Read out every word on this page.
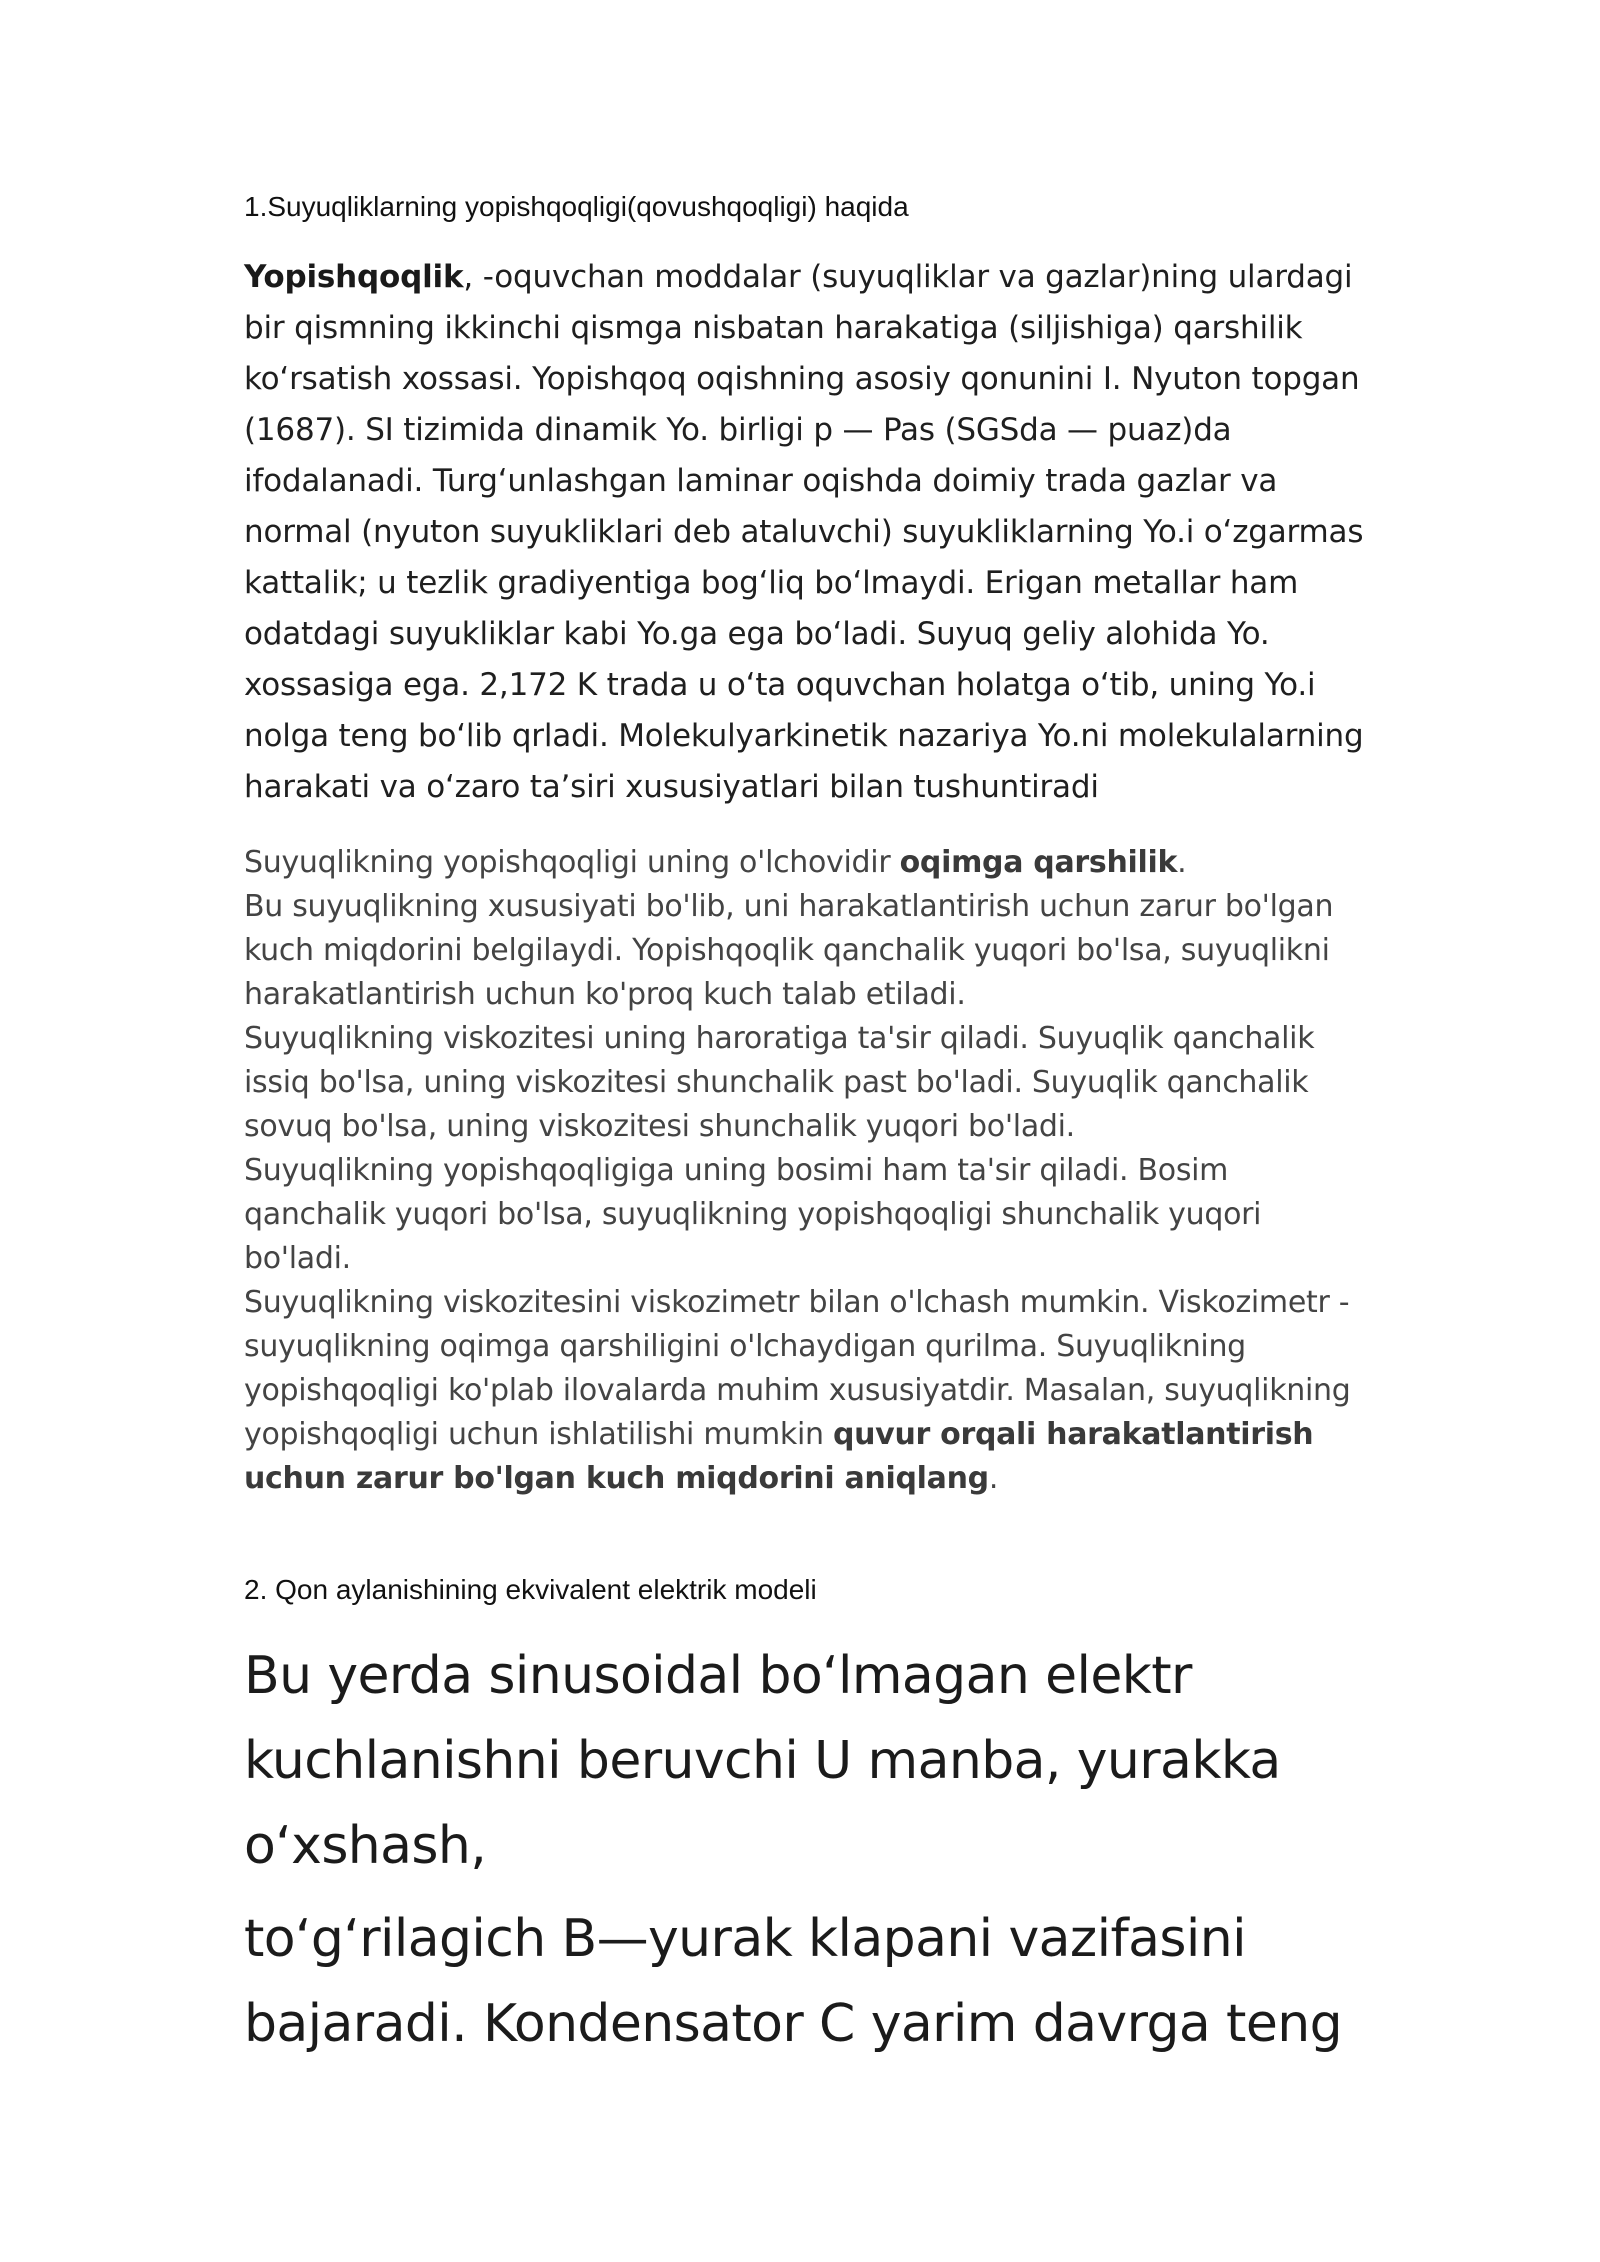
1.Suyuqliklarning yopishqoqligi(qovushqoqligi) haqida

Yopishqoqlik, -oquvchan moddalar (suyuqliklar va gazlar)ning ulardagi bir qismning ikkinchi qismga nisbatan harakatiga (siljishiga) qarshilik koʻrsatish xossasi. Yopishqoq oqishning asosiy qonunini I. Nyuton topgan (1687). SI tizimida dinamik Yo. birligi p — Pas (SGSda — puaz)da ifodalanadi. Turgʻunlashgan laminar oqishda doimiy trada gazlar va normal (nyuton suyukliklari deb ataluvchi) suyukliklarning Yo.i oʻzgarmas kattalik; u tezlik gradiyentiga bogʻliq boʻlmaydi. Erigan metallar ham odatdagi suyukliklar kabi Yo.ga ega boʻladi. Suyuq geliy alohida Yo. xossasiga ega. 2,172 K trada u oʻta oquvchan holatga oʻtib, uning Yo.i nolga teng boʻlib qrladi. Molekulyarkinetik nazariya Yo.ni molekulalarning harakati va oʻzaro taʼsiri xususiyatlari bilan tushuntiradi

Suyuqlikning yopishqoqligi uning o'lchovidir oqimga qarshilik.
Bu suyuqlikning xususiyati bo'lib, uni harakatlantirish uchun zarur bo'lgan kuch miqdorini belgilaydi. Yopishqoqlik qanchalik yuqori bo'lsa, suyuqlikni harakatlantirish uchun ko'proq kuch talab etiladi.
Suyuqlikning viskozitesi uning haroratiga ta'sir qiladi. Suyuqlik qanchalik issiq bo'lsa, uning viskozitesi shunchalik past bo'ladi. Suyuqlik qanchalik sovuq bo'lsa, uning viskozitesi shunchalik yuqori bo'ladi.
Suyuqlikning yopishqoqligiga uning bosimi ham ta'sir qiladi. Bosim qanchalik yuqori bo'lsa, suyuqlikning yopishqoqligi shunchalik yuqori bo'ladi.
Suyuqlikning viskozitesini viskozimetr bilan o'lchash mumkin. Viskozimetr - suyuqlikning oqimga qarshiligini o'lchaydigan qurilma. Suyuqlikning yopishqoqligi ko'plab ilovalarda muhim xususiyatdir. Masalan, suyuqlikning yopishqoqligi uchun ishlatilishi mumkin quvur orqali harakatlantirish uchun zarur bo'lgan kuch miqdorini aniqlang.
2. Qon aylanishining ekvivalent elektrik modeli

Bu yerda sinusoidal boʻlmagan elektr kuchlanishni beruvchi U manba, yurakka oʻxshash,

toʻgʻrilagich B—yurak klapani vazifasini bajaradi. Kondensator C yarim davrga teng
